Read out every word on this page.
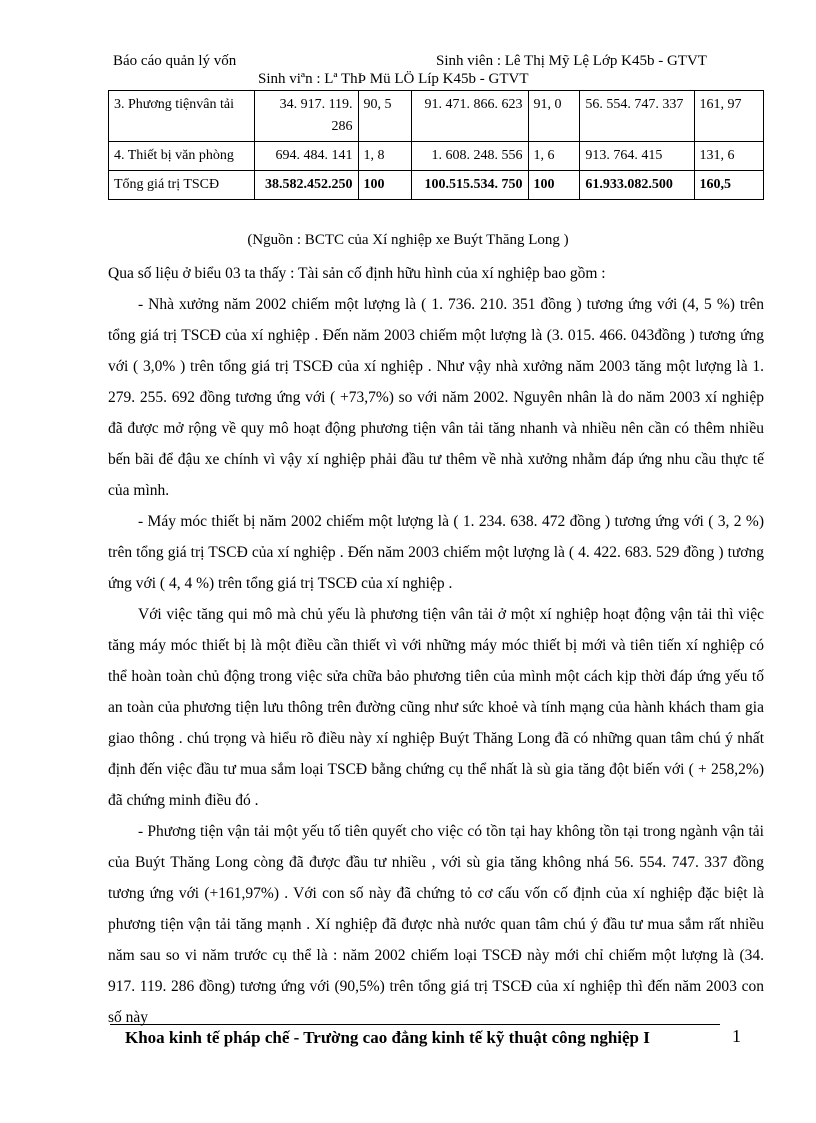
Báo cáo quản lý vốn	Sinh viên : Lê Thị Mỹ Lệ Lớp K45b - GTVT
Sinh viªn : Lª ThÞ Mü LÖ Líp K45b - GTVT
3. Phương tiệnvân tải	34. 917. 119. 286	90, 5	91. 471. 866. 623	91, 0	56. 554. 747. 337	161, 97
4. Thiết bị văn phòng	694. 484. 141	1, 8	1. 608. 248. 556	1, 6	913. 764. 415	131, 6
Tổng giá trị TSCĐ	38.582.452.250	100	100.515.534. 750	100	61.933.082.500	160,5
(Nguồn : BCTC của Xí nghiệp xe Buýt Thăng Long )

Qua số liệu ở biểu 03 ta thấy : Tài sản cố định hữu hình của xí nghiệp bao gồm :

- Nhà xưởng năm 2002 chiếm một lượng là ( 1. 736. 210. 351 đồng ) tương ứng với (4, 5 %) trên tổng giá trị TSCĐ của xí nghiệp . Đến năm 2003 chiếm một lượng là (3. 015. 466. 043đồng ) tương ứng với ( 3,0% ) trên tổng giá trị TSCĐ của xí nghiệp . Như vậy nhà xưởng năm 2003 tăng một lượng là 1. 279. 255. 692 đồng tương ứng với ( +73,7%) so với năm 2002. Nguyên nhân là do năm 2003 xí nghiệp đã được mở rộng về quy mô hoạt động phương tiện vân tải tăng nhanh và nhiều nên cần có thêm nhiều bến bãi để đậu xe chính vì vậy xí nghiệp phải đầu tư thêm về nhà xưởng nhằm đáp ứng nhu cầu thực tế của mình.

- Máy móc thiết bị năm 2002 chiếm một lượng là ( 1. 234. 638. 472 đồng ) tương ứng với ( 3, 2 %) trên tổng giá trị TSCĐ của xí nghiệp . Đến năm 2003 chiếm một lượng là ( 4. 422. 683. 529 đồng ) tương ứng với ( 4, 4 %) trên tổng giá trị TSCĐ của xí nghiệp .

Với việc tăng qui mô mà chủ yếu là phương tiện vân tải ở một xí nghiệp hoạt động vận tải thì việc tăng máy móc thiết bị là một điều cần thiết vì với những máy móc thiết bị mới và tiên tiến xí nghiệp có thể hoàn toàn chủ động trong việc sửa chữa bảo phương tiên của mình một cách kịp thời đáp ứng yếu tố an toàn của phương tiện lưu thông trên đường cũng như sức khoẻ và tính mạng của hành khách tham gia giao thông . chú trọng và hiểu rõ điều này xí nghiệp Buýt Thăng Long đã có những quan tâm chú ý nhất định đến việc đầu tư mua sắm loại TSCĐ bằng chứng cụ thể nhất là sù gia tăng đột biến với ( + 258,2%) đã chứng minh điều đó .

- Phương tiện vận tải một yếu tố tiên quyết cho việc có tồn tại hay không tồn tại trong ngành vận tải của Buýt Thăng Long còng đã được đầu tư nhiều , với sù gia tăng không nhá 56. 554. 747. 337 đồng tương ứng với (+161,97%) . Với con số này đã chứng tỏ cơ cấu vốn cố định của xí nghiệp đặc biệt là phương tiện vận tải tăng mạnh . Xí nghiệp đã được nhà nước quan tâm chú ý đầu tư mua sắm rất nhiều năm sau so vi năm trước cụ thể là : năm 2002 chiếm loại TSCĐ này mới chỉ chiếm một lượng là (34. 917. 119. 286 đồng) tương ứng với (90,5%) trên tổng giá trị TSCĐ của xí nghiệp thì đến năm 2003 con số này

Khoa kinh tế pháp chế - Trường cao đẳng kinh tế kỹ thuật công nghiệp I	1
